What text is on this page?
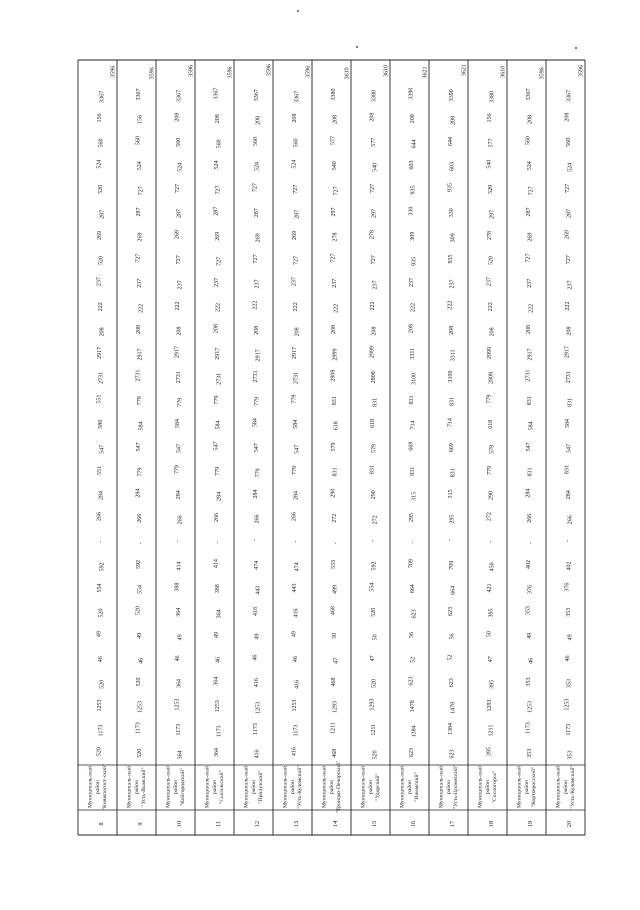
8
Муниципаль-ный район "Княжпогост-ский"
520
1173
1253
520
46
49
520
554
592
-
266
284
551
547
586
551
2731
2917
208
222
237
520
269
287
520
524
560
156
3367
3596
9
Муниципаль-ный район "Усть-Вымский"
520
1173
1253
520
46
49
520
554
592
-
266
284
779
547
584
779
2731
2917
208
222
237
727
269
287
727
524
560
156
3367
3596
10
Муниципаль-ный район "Койгородский"
364
1173
1253
364
46
49
364
388
414
-
266
284
779
547
584
779
2731
2917
208
222
237
727
269
287
727
524
560
208
3367
3596
11
Муниципаль-ный район "Сысольский"
364
1173
1253
364
46
49
364
388
414
-
266
284
779
547
584
779
2731
2917
208
222
237
727
269
287
727
524
560
208
3367
3596
12
Муниципаль-ный район "Прилузский"
416
1173
1253
416
46
49
416
443
474
-
266
284
779
547
584
779
2731
2917
208
222
237
727
269
287
727
524
560
208
3367
3596
13
Муниципаль-ный район "Усть-Куломский"
416
1173
1253
416
46
49
416
443
474
-
266
284
779
547
584
779
2731
2917
208
222
237
727
269
287
727
524
560
208
3367
3596
14
Муниципаль-ный район "Троицко-Печорский"
468
1211
1293
468
47
50
468
499
533
-
272
290
831
579
618
831
2808
2999
208
222
237
727
278
297
727
540
577
208
3380
3610
15
Муниципаль-ный район "Удорский"
520
1211
1293
520
47
50
520
554
592
-
272
290
831
579
618
831
2808
2999
208
222
237
727
278
297
727
540
577
208
3380
3610
16
Муниципаль-ный район "Ижемский"
623
1384
1478
623
52
56
623
664
709
-
295
315
831
669
714
831
3100
3311
208
222
237
935
309
330
935
603
644
208
3390
3621
17
Муниципаль-ный район "Усть-Цилемский"
623
1384
1478
623
52
56
623
664
709
-
295
315
831
669
714
831
3100
3311
208
222
237
935
309
330
935
603
644
208
3390
3621
18
Муниципаль-ный район "Сосногорск"
395
1211
1293
395
47
50
395
421
450
-
272
290
779
579
618
779
2808
2999
208
222
237
520
278
297
520
540
577
156
3380
3610
19
Муниципаль-ный район "Корткеросский"
353
1173
1253
353
46
49
353
376
402
-
266
284
831
547
584
831
2731
2917
208
222
237
727
269
287
727
524
560
208
3367
3596
20
Муниципаль-ный район "Усть-Куломский"
353
1173
1253
353
46
49
353
376
402
-
266
284
831
547
584
831
2731
2917
208
222
237
727
269
287
727
524
560
208
3367
3596
